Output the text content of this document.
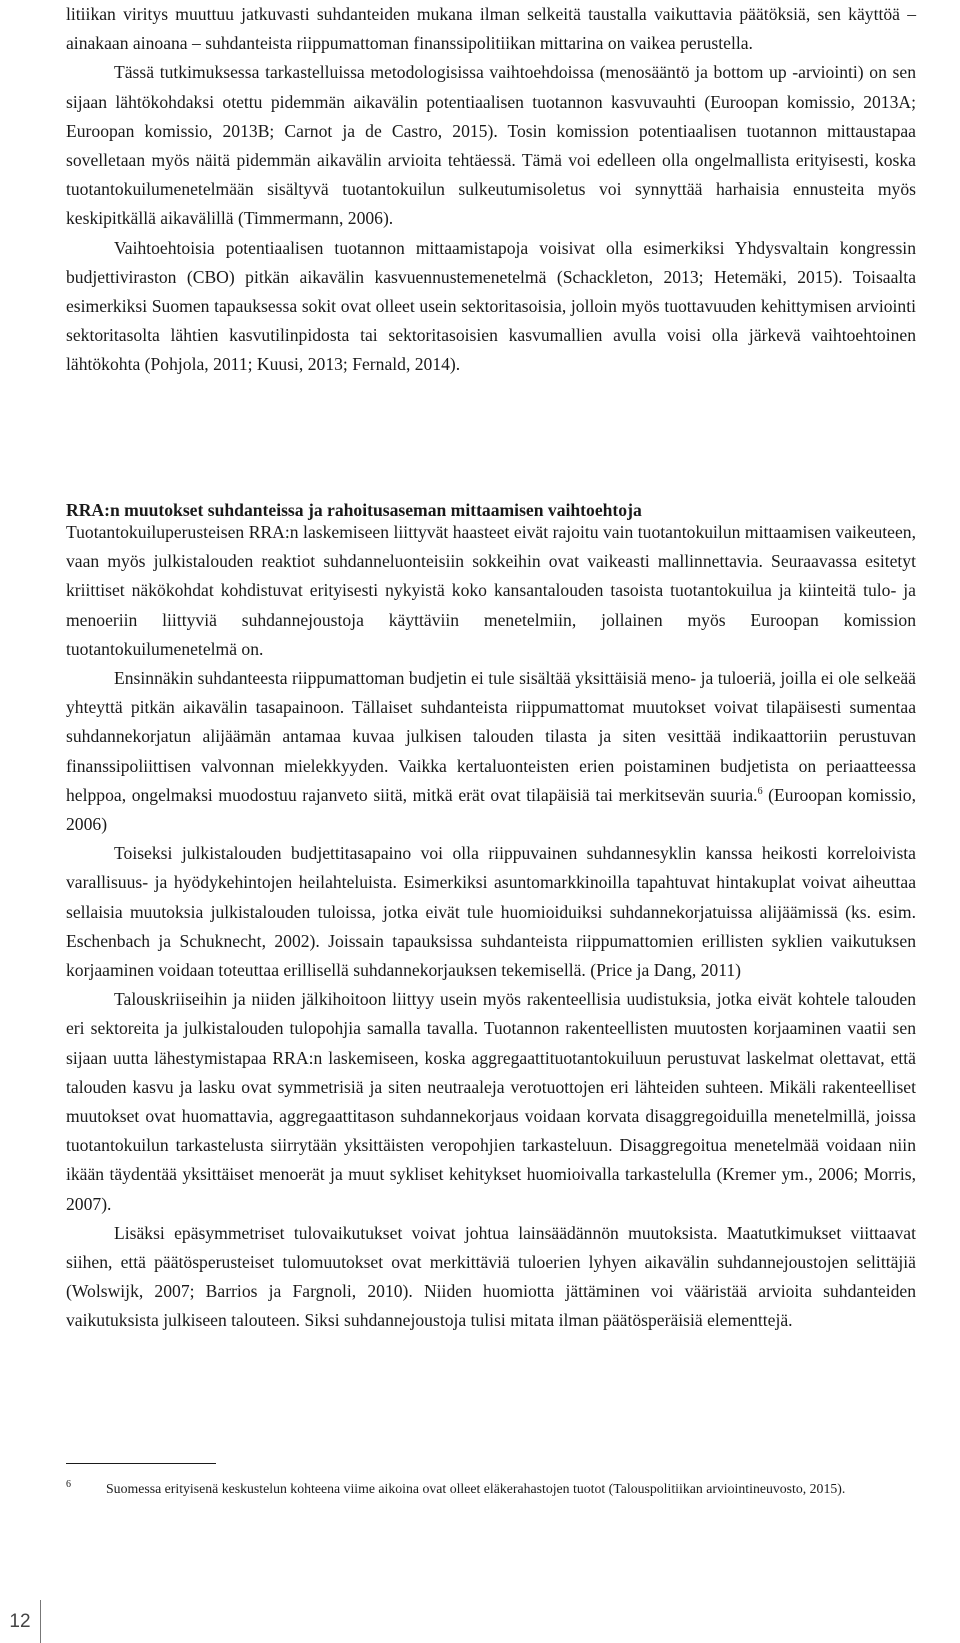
litiikan viritys muuttuu jatkuvasti suhdanteiden mukana ilman selkeitä taustalla vaikuttavia päätöksiä, sen käyttöä – ainakaan ainoana – suhdanteista riippumattoman finanssipolitiikan mittarina on vaikea perustella.

Tässä tutkimuksessa tarkastelluissa metodologisissa vaihtoehdoissa (menosääntö ja bottom up -arviointi) on sen sijaan lähtökohdaksi otettu pidemmän aikavälin potentiaalisen tuotannon kasvuvauhti (Euroopan komissio, 2013A; Euroopan komissio, 2013B; Carnot ja de Castro, 2015). Tosin komission potentiaalisen tuotannon mittaustapaa sovelletaan myös näitä pidemmän aikavälin arvioita tehtäessä. Tämä voi edelleen olla ongelmallista erityisesti, koska tuotantokuilumenetelmään sisältyvä tuotantokuilun sulkeutumisoletus voi synnyttää harhaisia ennusteita myös keskipitkällä aikavälillä (Timmermann, 2006).

Vaihtoehtoisia potentiaalisen tuotannon mittaamistapoja voisivat olla esimerkiksi Yhdysvaltain kongressin budjettiviraston (CBO) pitkän aikavälin kasvuennustemenetelmä (Schackleton, 2013; Hetemäki, 2015). Toisaalta esimerkiksi Suomen tapauksessa sokit ovat olleet usein sektoritasoisia, jolloin myös tuottavuuden kehittymisen arviointi sektoritasolta lähtien kasvutilinpidosta tai sektoritasoisien kasvumallien avulla voisi olla järkevä vaihtoehtoinen lähtökohta (Pohjola, 2011; Kuusi, 2013; Fernald, 2014).

RRA:n muutokset suhdanteissa ja rahoitusaseman mittaamisen vaihtoehtoja

Tuotantokuiluperusteisen RRA:n laskemiseen liittyvät haasteet eivät rajoitu vain tuotantokuilun mittaamisen vaikeuteen, vaan myös julkistalouden reaktiot suhdanneluonteisiin sokkeihin ovat vaikeasti mallinnettavia. Seuraavassa esitetyt kriittiset näkökohdat kohdistuvat erityisesti nykyistä koko kansantalouden tasoista tuotantokuilua ja kiinteitä tulo- ja menoeriin liittyviä suhdannejoustoja käyttäviin menetelmiin, jollainen myös Euroopan komission tuotantokuilumenetelmä on.

Ensinnäkin suhdanteesta riippumattoman budjetin ei tule sisältää yksittäisiä meno- ja tuloeriä, joilla ei ole selkeää yhteyttä pitkän aikavälin tasapainoon. Tällaiset suhdanteista riippumattomat muutokset voivat tilapäisesti sumentaa suhdannekorjatun alijäämän antamaa kuvaa julkisen talouden tilasta ja siten vesittää indikaattoriin perustuvan finanssipoliittisen valvonnan mielekkyyden. Vaikka kertaluonteisten erien poistaminen budjetista on periaatteessa helppoa, ongelmaksi muodostuu rajanveto siitä, mitkä erät ovat tilapäisiä tai merkitsevän suuria.$^6$ (Euroopan komissio, 2006)

Toiseksi julkistalouden budjettitasapaino voi olla riippuvainen suhdannesyklin kanssa heikosti korreloivista varallisuus- ja hyödykehintojen heilahteluista. Esimerkiksi asuntomarkkinoilla tapahtuvat hintakuplat voivat aiheuttaa sellaisia muutoksia julkistalouden tuloissa, jotka eivät tule huomioiduiksi suhdannekorjatuissa alijäämissä (ks. esim. Eschenbach ja Schuknecht, 2002). Joissain tapauksissa suhdanteista riippumattomien erillisten syklien vaikutuksen korjaaminen voidaan toteuttaa erillisellä suhdannekorjauksen tekemisellä. (Price ja Dang, 2011)

Talouskriiseihin ja niiden jälkihoitoon liittyy usein myös rakenteellisia uudistuksia, jotka eivät kohtele talouden eri sektoreita ja julkistalouden tulopohjia samalla tavalla. Tuotannon rakenteellisten muutosten korjaaminen vaatii sen sijaan uutta lähestymistapaa RRA:n laskemiseen, koska aggregaattituotantokuiluun perustuvat laskelmat olettavat, että talouden kasvu ja lasku ovat symmetrisiä ja siten neutraaleja verotuottojen eri lähteiden suhteen. Mikäli rakenteelliset muutokset ovat huomattavia, aggregaattitason suhdannekorjaus voidaan korvata disaggregoiduilla menetelmillä, joissa tuotantokuilun tarkastelusta siirrytään yksittäisten veropohjien tarkasteluun. Disaggregoitua menetelmää voidaan niin ikään täydentää yksittäiset menoerät ja muut sykliset kehitykset huomioivalla tarkastelulla (Kremer ym., 2006; Morris, 2007).

Lisäksi epäsymmetriset tulovaikutukset voivat johtua lainsäädännön muutoksista. Maatutkimukset viittaavat siihen, että päätösperusteiset tulomuutokset ovat merkittäviä tuloerien lyhyen aikavälin suhdannejoustojen selittäjiä (Wolswijk, 2007; Barrios ja Fargnoli, 2010). Niiden huomiotta jättäminen voi vääristää arvioita suhdanteiden vaikutuksista julkiseen talouteen. Siksi suhdannejoustoja tulisi mitata ilman päätösperäisiä elementtejä.

6	Suomessa erityisenä keskustelun kohteena viime aikoina ovat olleet eläkerahastojen tuotot (Talouspolitiikan arviointineuvosto, 2015).

12
